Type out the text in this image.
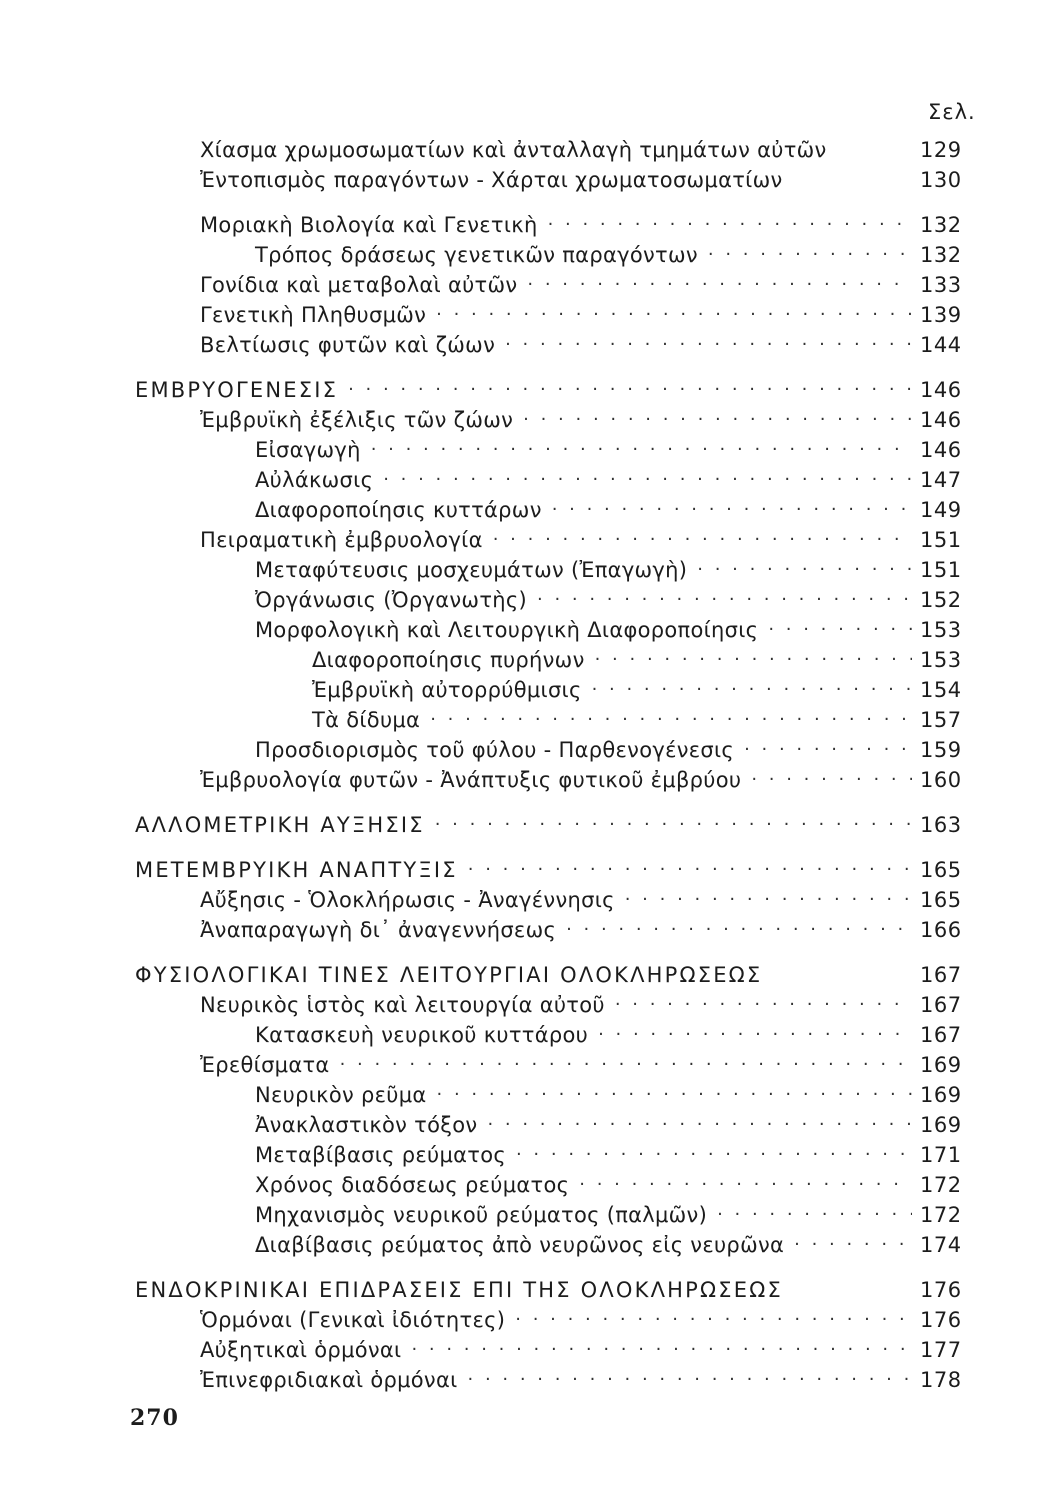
Σελ.
Χίασμα χρωμοσωματίων καὶ ἀνταλλαγὴ τμημάτων αὐτῶν	129
Ἐντοπισμὸς παραγόντων - Χάρται χρωματοσωματίων	130
Μοριακὴ Βιολογία καὶ Γενετικὴ · · ·	132
Τρόπος δράσεως γενετικῶν παραγόντων · · ·	132
Γονίδια καὶ μεταβολαὶ αὐτῶν · · ·	133
Γενετικὴ Πληθυσμῶν · · ·	139
Βελτίωσις φυτῶν καὶ ζώων · · ·	144
ΕΜΒΡΥΟΓΕΝΕΣΙΣ · · ·	146
Ἐμβρυϊκὴ ἐξέλιξις τῶν ζώων · · ·	146
Εἰσαγωγὴ · · ·	146
Αὐλάκωσις · · ·	147
Διαφοροποίησις κυττάρων · · ·	149
Πειραματικὴ ἐμβρυολογία · · ·	151
Μεταφύτευσις μοσχευμάτων (Ἐπαγωγὴ) · · ·	151
Ὀργάνωσις (Ὀργανωτὴς) · · ·	152
Μορφολογικὴ καὶ Λειτουργικὴ Διαφοροποίησις · · ·	153
Διαφοροποίησις πυρήνων · · ·	153
Ἐμβρυϊκὴ αὐτορρύθμισις · · ·	154
Τὰ δίδυμα · · ·	157
Προσδιορισμὸς τοῦ φύλου - Παρθενογένεσις · · ·	159
Ἐμβρυολογία φυτῶν - Ἀνάπτυξις φυτικοῦ ἐμβρύου · · ·	160
ΑΛΛΟΜΕΤΡΙΚΗ ΑΥΞΗΣΙΣ · · ·	163
ΜΕΤΕΜΒΡΥΙΚΗ ΑΝΑΠΤΥΞΙΣ · · ·	165
Αὔξησις - Ὁλοκλήρωσις - Ἀναγέννησις · · ·	165
Ἀναπαραγωγὴ δι᾽ ἀναγεννήσεως · · ·	166
ΦΥΣΙΟΛΟΓΙΚΑΙ ΤΙΝΕΣ ΛΕΙΤΟΥΡΓΙΑΙ ΟΛΟΚΛΗΡΩΣΕΩΣ	167
Νευρικὸς ἱστὸς καὶ λειτουργία αὐτοῦ · · ·	167
Κατασκευὴ νευρικοῦ κυττάρου · · ·	167
Ἐρεθίσματα · · ·	169
Νευρικὸν ρεῦμα · · ·	169
Ἀνακλαστικὸν τόξον · · ·	169
Μεταβίβασις ρεύματος · · ·	171
Χρόνος διαδόσεως ρεύματος · · ·	172
Μηχανισμὸς νευρικοῦ ρεύματος (παλμῶν) · · ·	172
Διαβίβασις ρεύματος ἀπὸ νευρῶνος εἰς νευρῶνα · · ·	174
ΕΝΔΟΚΡΙΝΙΚΑΙ ΕΠΙΔΡΑΣΕΙΣ ΕΠΙ ΤΗΣ ΟΛΟΚΛΗΡΩΣΕΩΣ	176
Ὁρμόναι (Γενικαὶ ἰδιότητες) · · ·	176
Αὐξητικαὶ ὁρμόναι · · ·	177
Ἐπινεφριδιακαὶ ὁρμόναι · · ·	178
270
